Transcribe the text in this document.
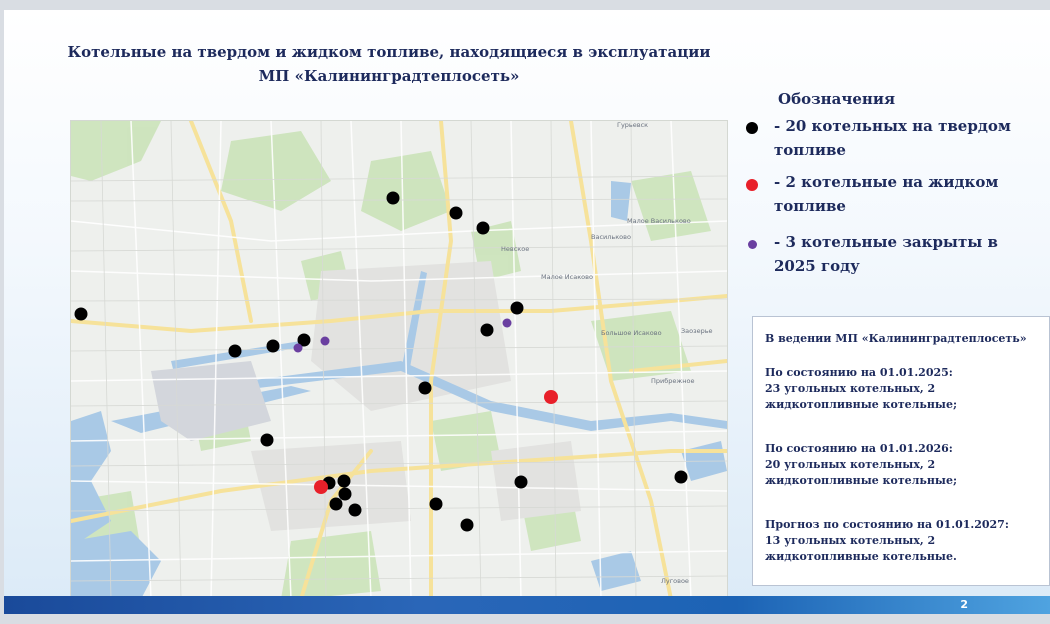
Котельные на твердом и жидком топливе, находящиеся в эксплуатации
МП «Калининградтеплосеть»
Гурьевск
Малое Васильково
Васильково
Невское
Прибрежное
Луговое
Малое Исаково
Большое Исаково	Заозерье
Обозначения
- 20 котельных на твердом топливе
- 2 котельные на жидком топливе
- 3 котельные закрыты в 2025 году
В ведении МП «Калининградтеплосеть»
По состоянию на 01.01.2025:
23 угольных котельных, 2
жидкотопливные котельные;
По состоянию на 01.01.2026:
20 угольных котельных, 2
жидкотопливные котельные;
Прогноз по состоянию на 01.01.2027:
13 угольных котельных, 2
жидкотопливные котельные.
2
